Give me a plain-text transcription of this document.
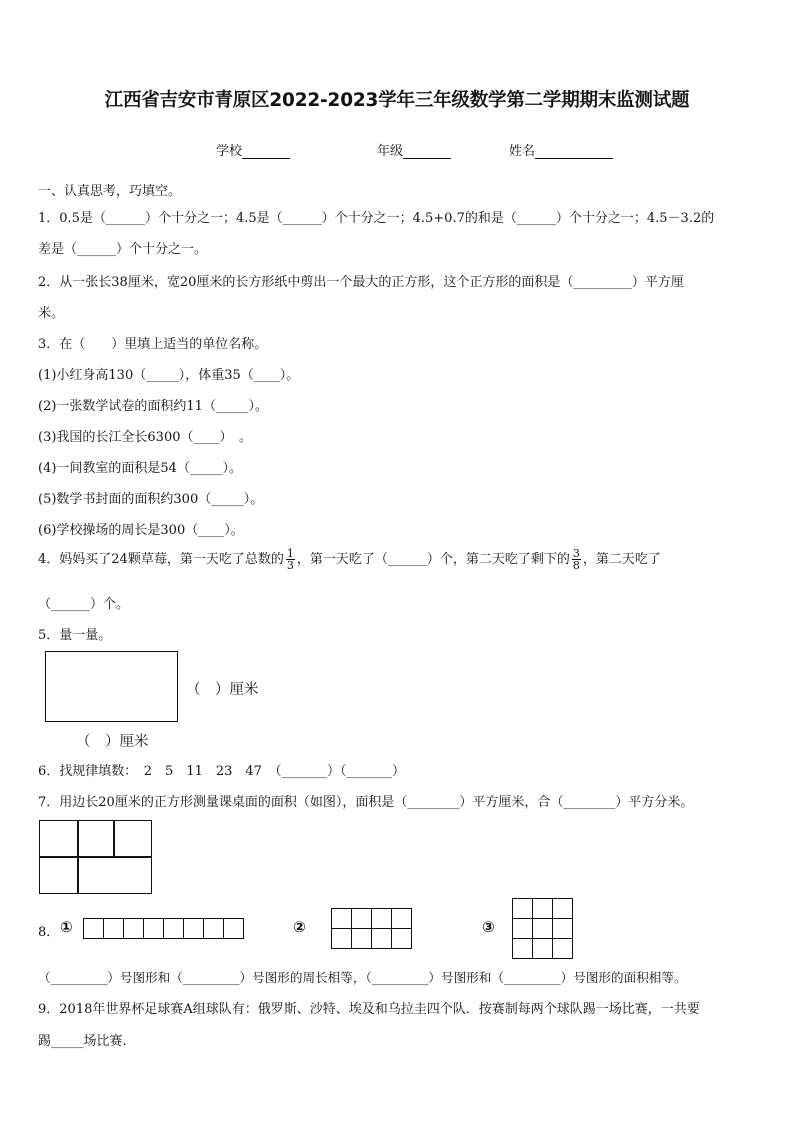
江西省吉安市青原区2022-2023学年三年级数学第二学期期末监测试题
学校	年级	姓名
一、认真思考，巧填空。
1．0.5是（______）个十分之一；4.5是（______）个十分之一；4.5+0.7的和是（______）个十分之一；4.5－3.2的
差是（______）个十分之一。
2．从一张长38厘米，宽20厘米的长方形纸中剪出一个最大的正方形，这个正方形的面积是（_________）平方厘
米。
3．在（　　）里填上适当的单位名称。
(1)小红身高130（_____），体重35（____）。
(2)一张数学试卷的面积约11（_____）。
(3)我国的长江全长6300（____）　。
(4)一间教室的面积是54（_____）。
(5)数学书封面的面积约300（_____）。
(6)学校操场的周长是300（____）。
4．妈妈买了24颗草莓，第一天吃了总数的 $\frac{1}{3}$ ，第一天吃了（______）个，第二天吃了剩下的 $\frac{3}{8}$ ，第二天吃了
（______）个。
5．量一量。
（　）厘米
（　）厘米
6．找规律填数：　2　5　11　23　47　（_______）（_______）
7．用边长20厘米的正方形测量课桌面的面积（如图），面积是（________）平方厘米，合（________）平方分米。
8． ①	②	③
（_________）号图形和（_________）号图形的周长相等，（_________）号图形和（_________）号图形的面积相等。
9．2018年世界杯足球赛A组球队有：俄罗斯、沙特、埃及和乌拉圭四个队．按赛制每两个球队踢一场比赛，一共要
踢_____场比赛.
